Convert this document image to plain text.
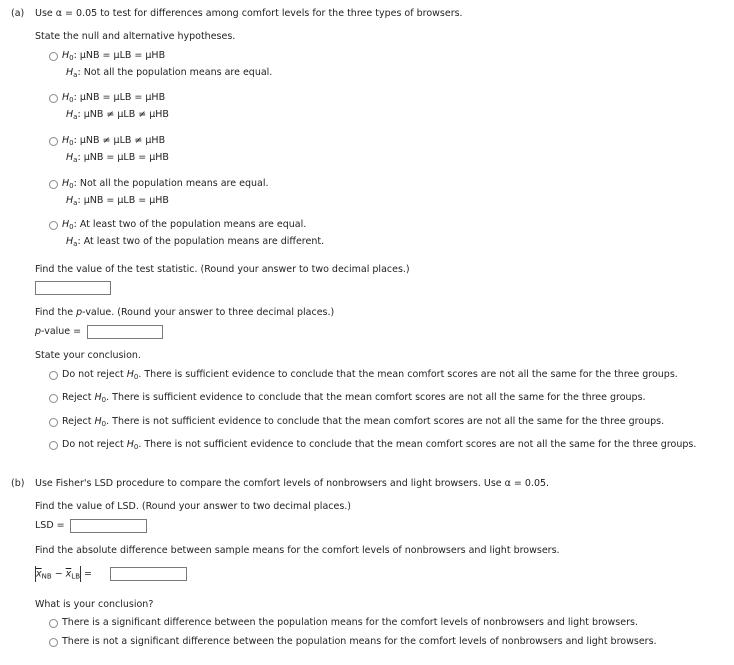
(a) Use α = 0.05 to test for differences among comfort levels for the three types of browsers.
State the null and alternative hypotheses.
$H_0$: μNB = μLB = μHB
$H_a$: Not all the population means are equal.
$H_0$: μNB = μLB = μHB
$H_a$: μNB ≠ μLB ≠ μHB
$H_0$: μNB ≠ μLB ≠ μHB
$H_a$: μNB = μLB = μHB
$H_0$: Not all the population means are equal.
$H_a$: μNB = μLB = μHB
$H_0$: At least two of the population means are equal.
$H_a$: At least two of the population means are different.
Find the value of the test statistic. (Round your answer to two decimal places.)
Find the p-value. (Round your answer to three decimal places.)
p-value =
State your conclusion.
Do not reject $H_0$. There is sufficient evidence to conclude that the mean comfort scores are not all the same for the three groups.
Reject $H_0$. There is sufficient evidence to conclude that the mean comfort scores are not all the same for the three groups.
Reject $H_0$. There is not sufficient evidence to conclude that the mean comfort scores are not all the same for the three groups.
Do not reject $H_0$. There is not sufficient evidence to conclude that the mean comfort scores are not all the same for the three groups.
(b) Use Fisher's LSD procedure to compare the comfort levels of nonbrowsers and light browsers. Use α = 0.05.
Find the value of LSD. (Round your answer to two decimal places.)
LSD =
Find the absolute difference between sample means for the comfort levels of nonbrowsers and light browsers.
$\overline{x}_{NB} - \overline{x}_{LB}$ =
What is your conclusion?
There is a significant difference between the population means for the comfort levels of nonbrowsers and light browsers.
There is not a significant difference between the population means for the comfort levels of nonbrowsers and light browsers.
